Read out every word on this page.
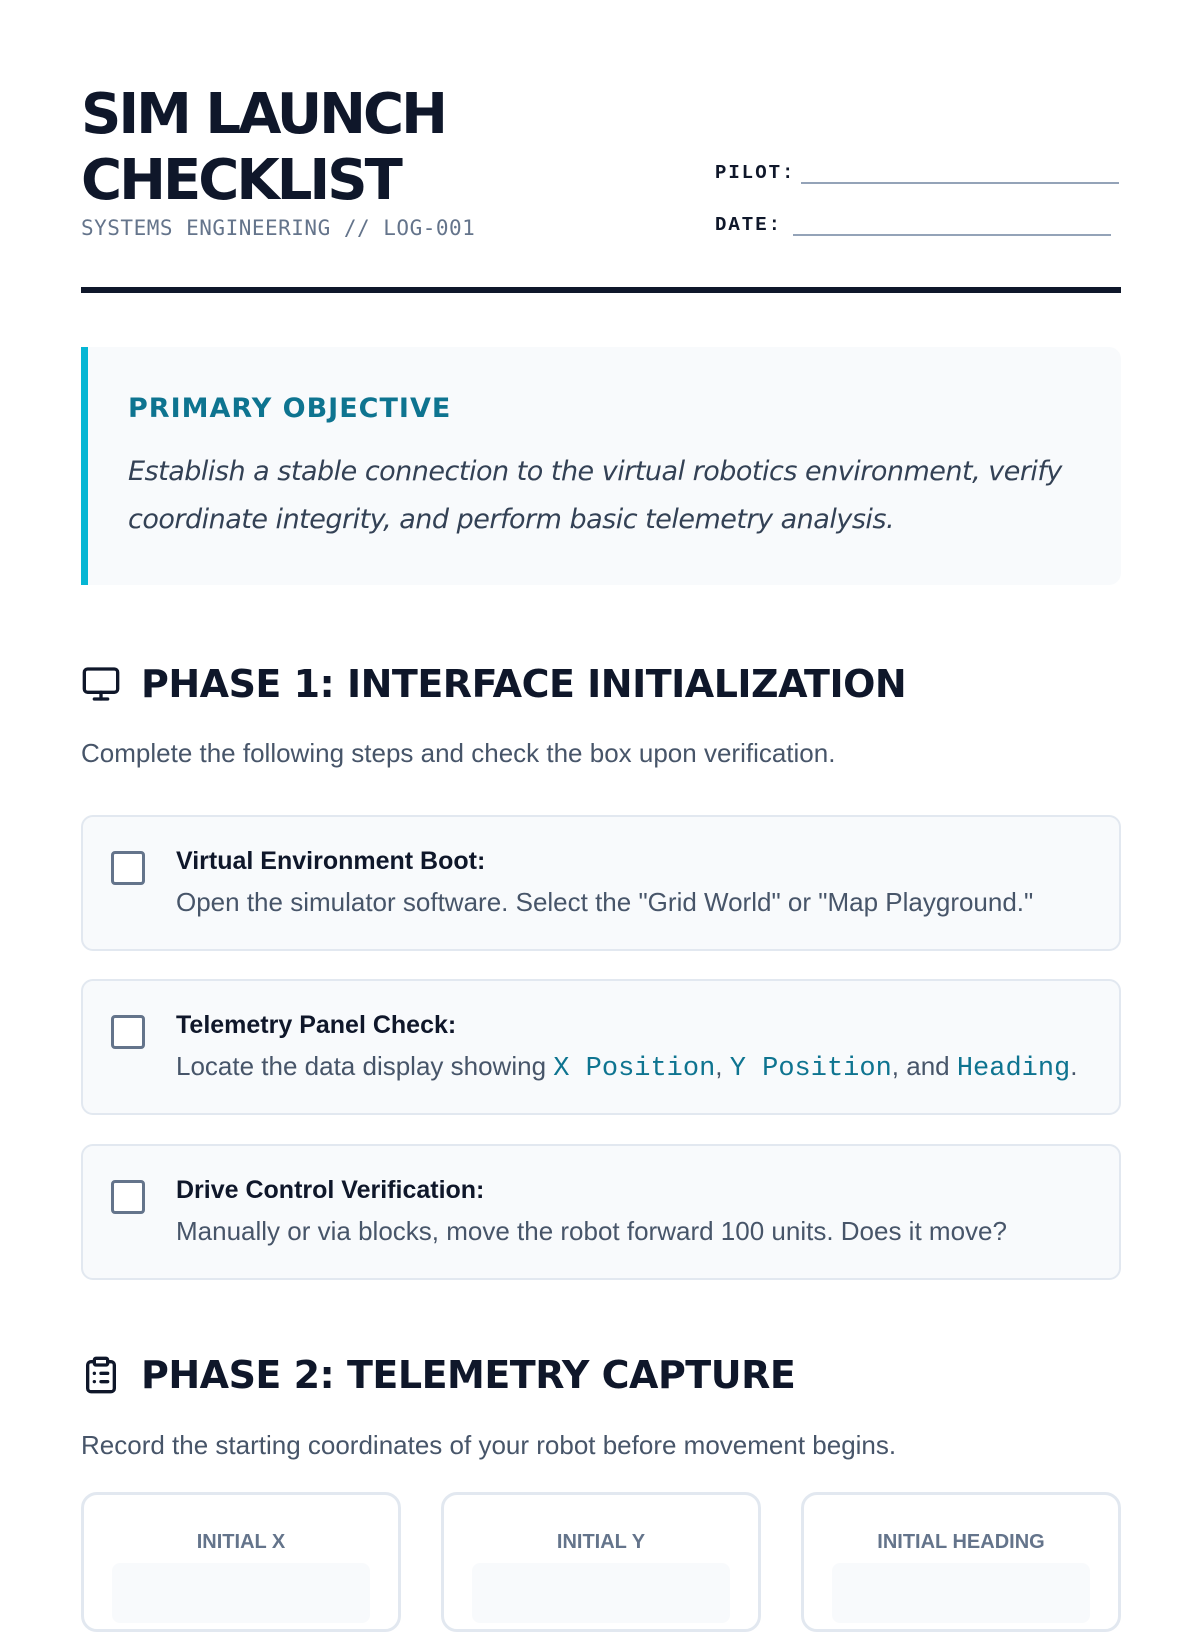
SIM LAUNCH
CHECKLIST
SYSTEMS ENGINEERING // LOG-001
PILOT:
DATE:

PRIMARY OBJECTIVE

Establish a stable connection to the virtual robotics environment, verify coordinate integrity, and perform basic telemetry analysis.

PHASE 1: INTERFACE INITIALIZATION

Complete the following steps and check the box upon verification.

Virtual Environment Boot:
Open the simulator software. Select the "Grid World" or "Map Playground."
Telemetry Panel Check:
Locate the data display showing X Position, Y Position, and Heading.
Drive Control Verification:
Manually or via blocks, move the robot forward 100 units. Does it move?
PHASE 2: TELEMETRY CAPTURE

Record the starting coordinates of your robot before movement begins.

INITIAL X	INITIAL Y	INITIAL HEADING
